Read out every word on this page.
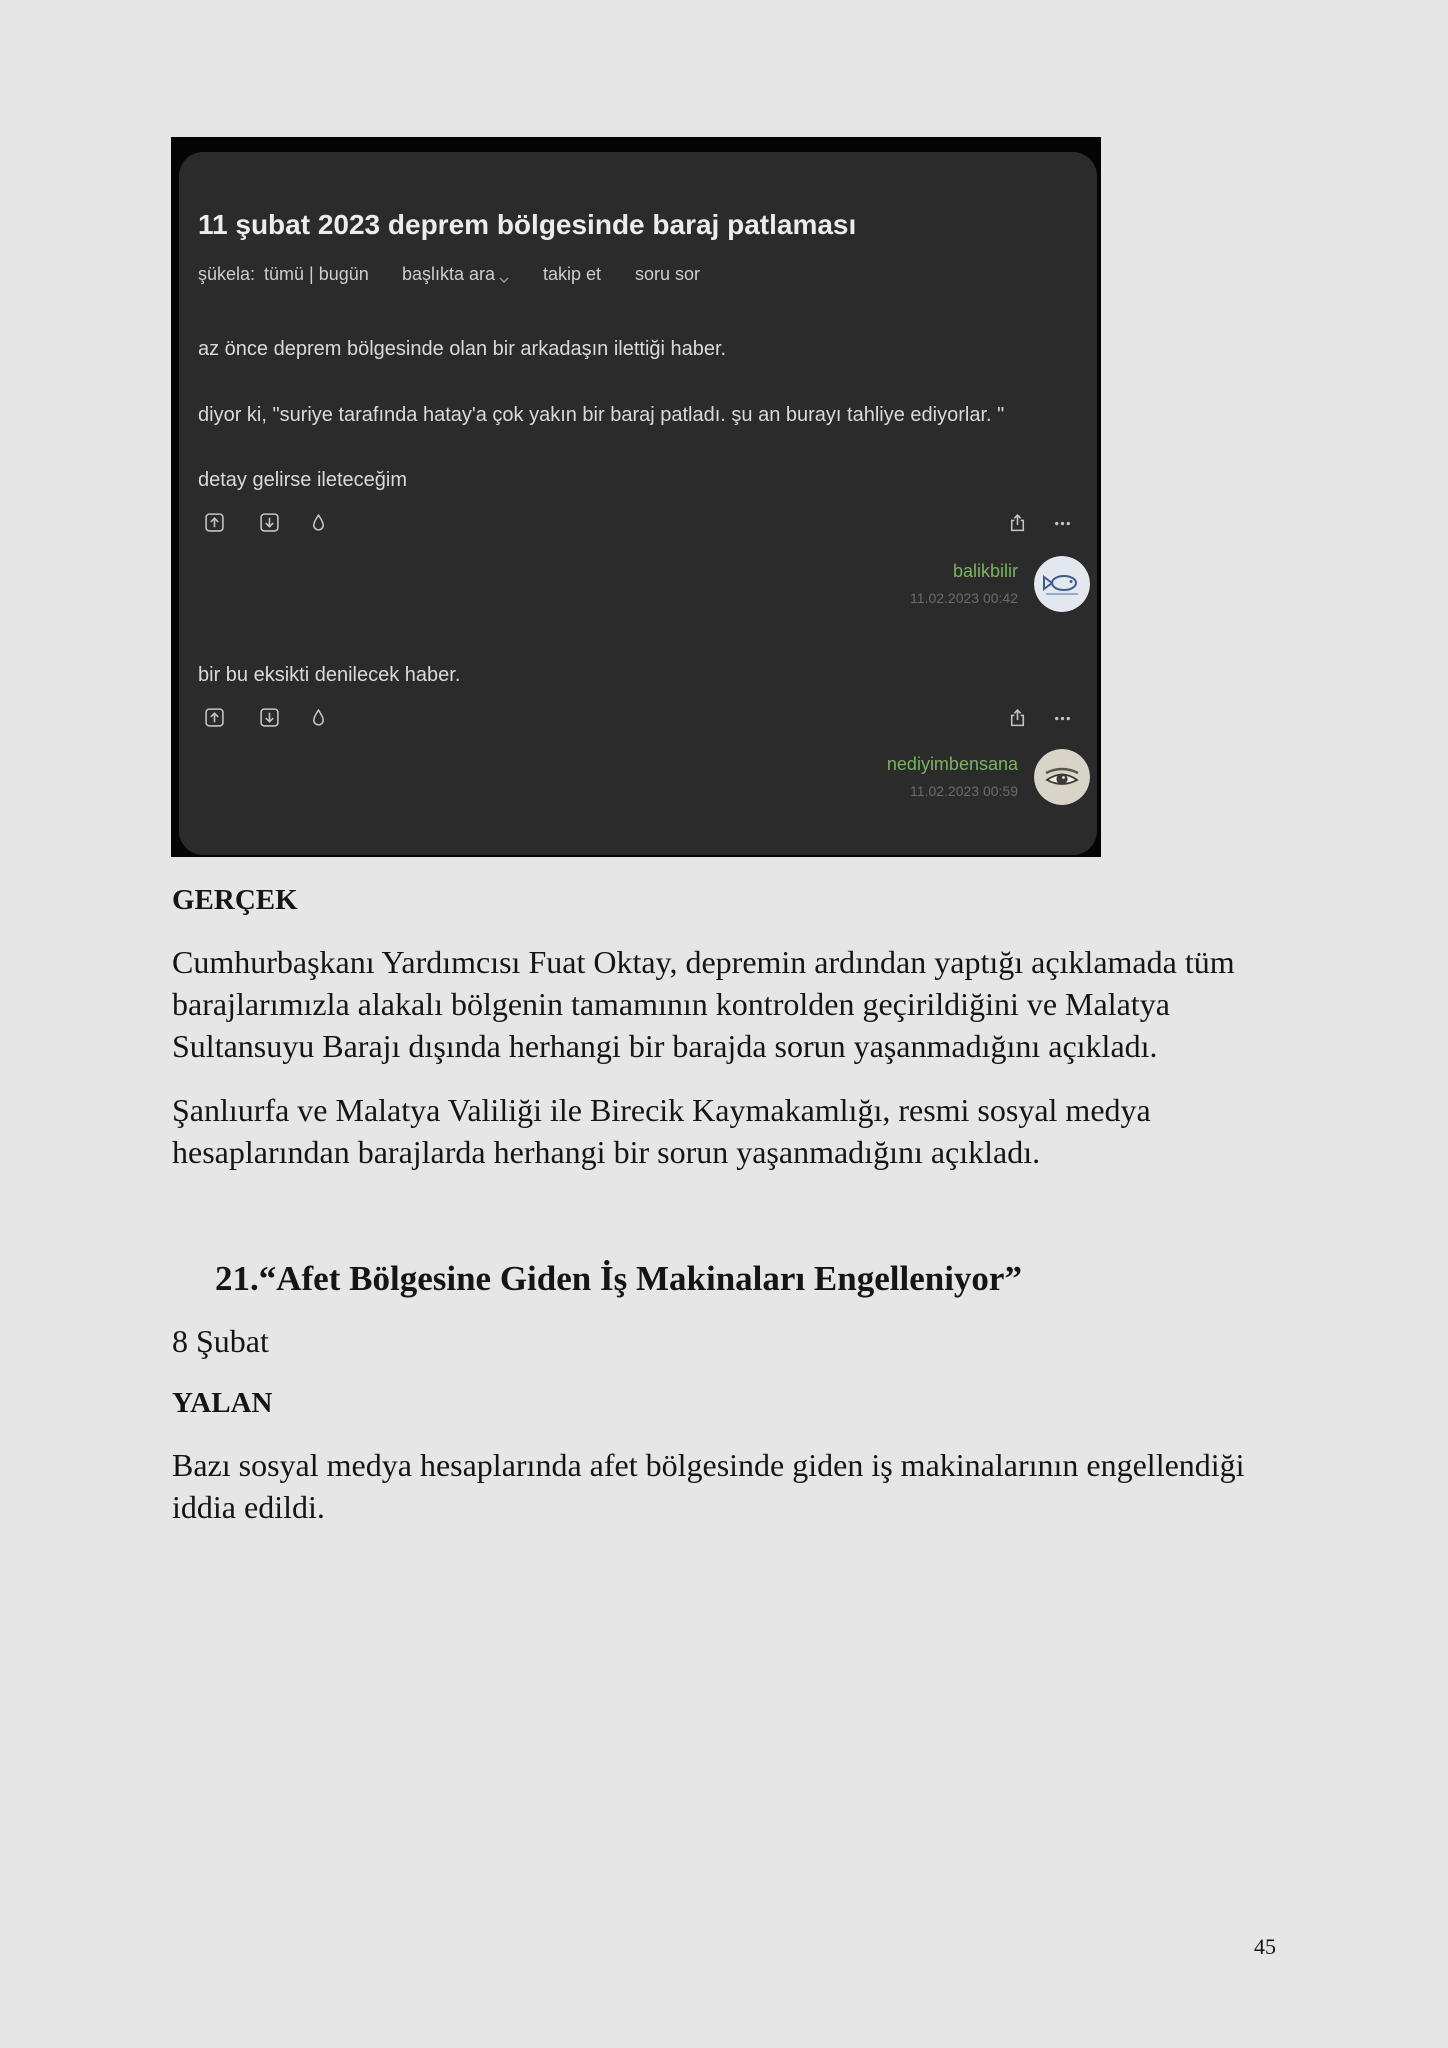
11 şubat 2023 deprem bölgesinde baraj patlaması
şükela: tümü | bugün başlıkta ara	takip et soru sor
az önce deprem bölgesinde olan bir arkadaşın ilettiği haber.
diyor ki, "suriye tarafında hatay'a çok yakın bir baraj patladı. şu an burayı tahliye ediyorlar. "
detay gelirse ileteceğim
balikbilir
11.02.2023 00:42
bir bu eksikti denilecek haber.
nediyimbensana
11.02.2023 00:59
GERÇEK
Cumhurbaşkanı Yardımcısı Fuat Oktay, depremin ardından yaptığı açıklamada tüm
barajlarımızla alakalı bölgenin tamamının kontrolden geçirildiğini ve Malatya
Sultansuyu Barajı dışında herhangi bir barajda sorun yaşanmadığını açıkladı.
Şanlıurfa ve Malatya Valiliği ile Birecik Kaymakamlığı, resmi sosyal medya
hesaplarından barajlarda herhangi bir sorun yaşanmadığını açıkladı.
21.“Afet Bölgesine Giden İş Makinaları Engelleniyor”
8 Şubat
YALAN
Bazı sosyal medya hesaplarında afet bölgesinde giden iş makinalarının engellendiği
iddia edildi.
45
